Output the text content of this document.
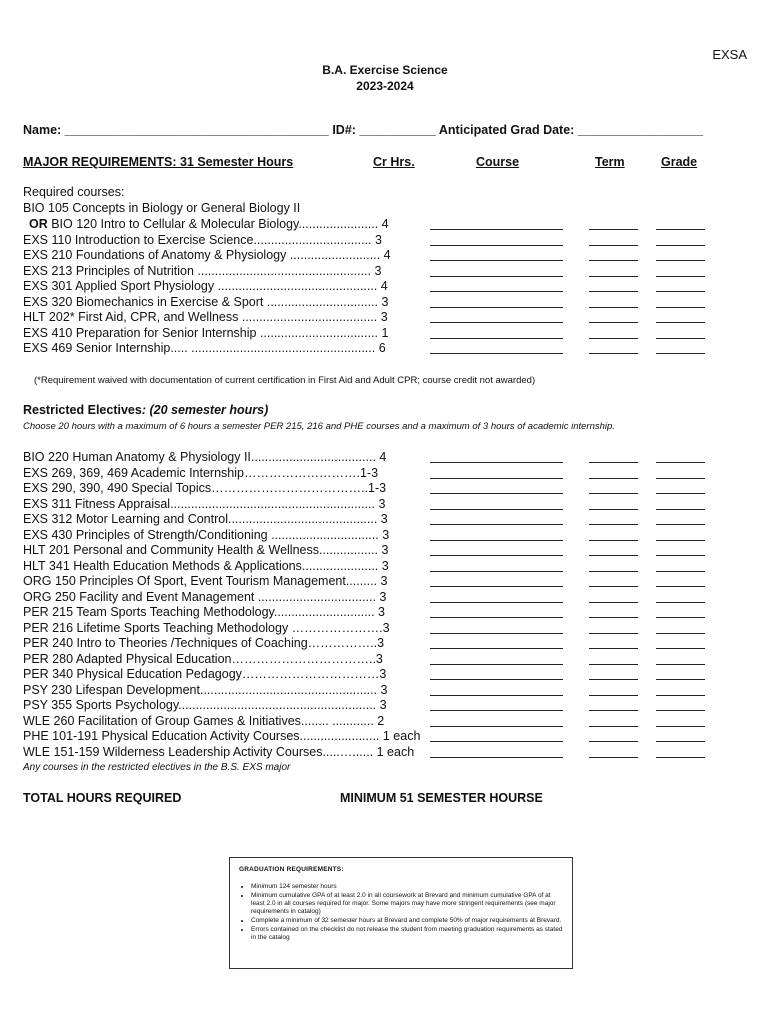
EXSA
B.A. Exercise Science
2023-2024
Name: ______________________________________ ID#: ___________ Anticipated Grad Date: __________________
MAJOR REQUIREMENTS: 31 Semester Hours	Cr Hrs.	Course	Term	Grade
Required courses:
BIO 105 Concepts in Biology or General Biology II
OR BIO 120 Intro to Cellular & Molecular Biology....................... 4
EXS 110 Introduction to Exercise Science.................................. 3
EXS 210 Foundations of Anatomy & Physiology .......................... 4
EXS 213 Principles of Nutrition .................................................. 3
EXS 301 Applied Sport Physiology .............................................. 4
EXS 320 Biomechanics in Exercise & Sport ................................ 3
HLT 202* First Aid, CPR, and Wellness ....................................... 3
EXS 410 Preparation for Senior Internship .................................. 1
EXS 469 Senior Internship..... ..................................................... 6
(*Requirement waived with documentation of current certification in First Aid and Adult CPR; course credit not awarded)
Restricted Electives: (20 semester hours)
Choose 20 hours with a maximum of 6 hours a semester PER 215, 216 and PHE courses and a maximum of 3 hours of academic internship.
BIO 220 Human Anatomy & Physiology II.................................... 4
EXS 269, 369, 469 Academic Internship……………………….1-3
EXS 290, 390, 490 Special Topics………………………………..1-3
EXS 311 Fitness Appraisal........................................................... 3
EXS 312 Motor Learning and Control........................................... 3
EXS 430 Principles of Strength/Conditioning ............................... 3
HLT 201 Personal and Community Health & Wellness................. 3
HLT 341 Health Education Methods & Applications...................... 3
ORG 150 Principles Of Sport, Event Tourism Management......... 3
ORG 250 Facility and Event Management .................................. 3
PER 215 Team Sports Teaching Methodology............................. 3
PER 216 Lifetime Sports Teaching Methodology ………………….3
PER 240 Intro to Theories /Techniques of Coaching……………..3
PER 280 Adapted Physical Education……………………………..3
PER 340 Physical Education Pedagogy……………………………3
PSY 230 Lifespan Development................................................... 3
PSY 355 Sports Psychology......................................................... 3
WLE 260 Facilitation of Group Games & Initiatives........ ............ 2
PHE 101-191 Physical Education Activity Courses....................... 1 each
WLE 151-159 Wilderness Leadership Activity Courses.....…...... 1 each
Any courses in the restricted electives in the B.S. EXS major
TOTAL HOURS REQUIRED	MINIMUM 51 SEMESTER HOURSE
GRADUATION REQUIREMENTS:
• Minimum 124 semester hours
• Minimum cumulative GPA of at least 2.0 in all coursework at Brevard and minimum cumulative GPA of at least 2.0 in all courses required for major. Some majors may have more stringent requirements (see major requirements in catalog)
• Complete a minimum of 32 semester hours at Brevard and complete 50% of major requirements at Brevard.
• Errors contained on the checklist do not release the student from meeting graduation requirements as stated in the catalog
